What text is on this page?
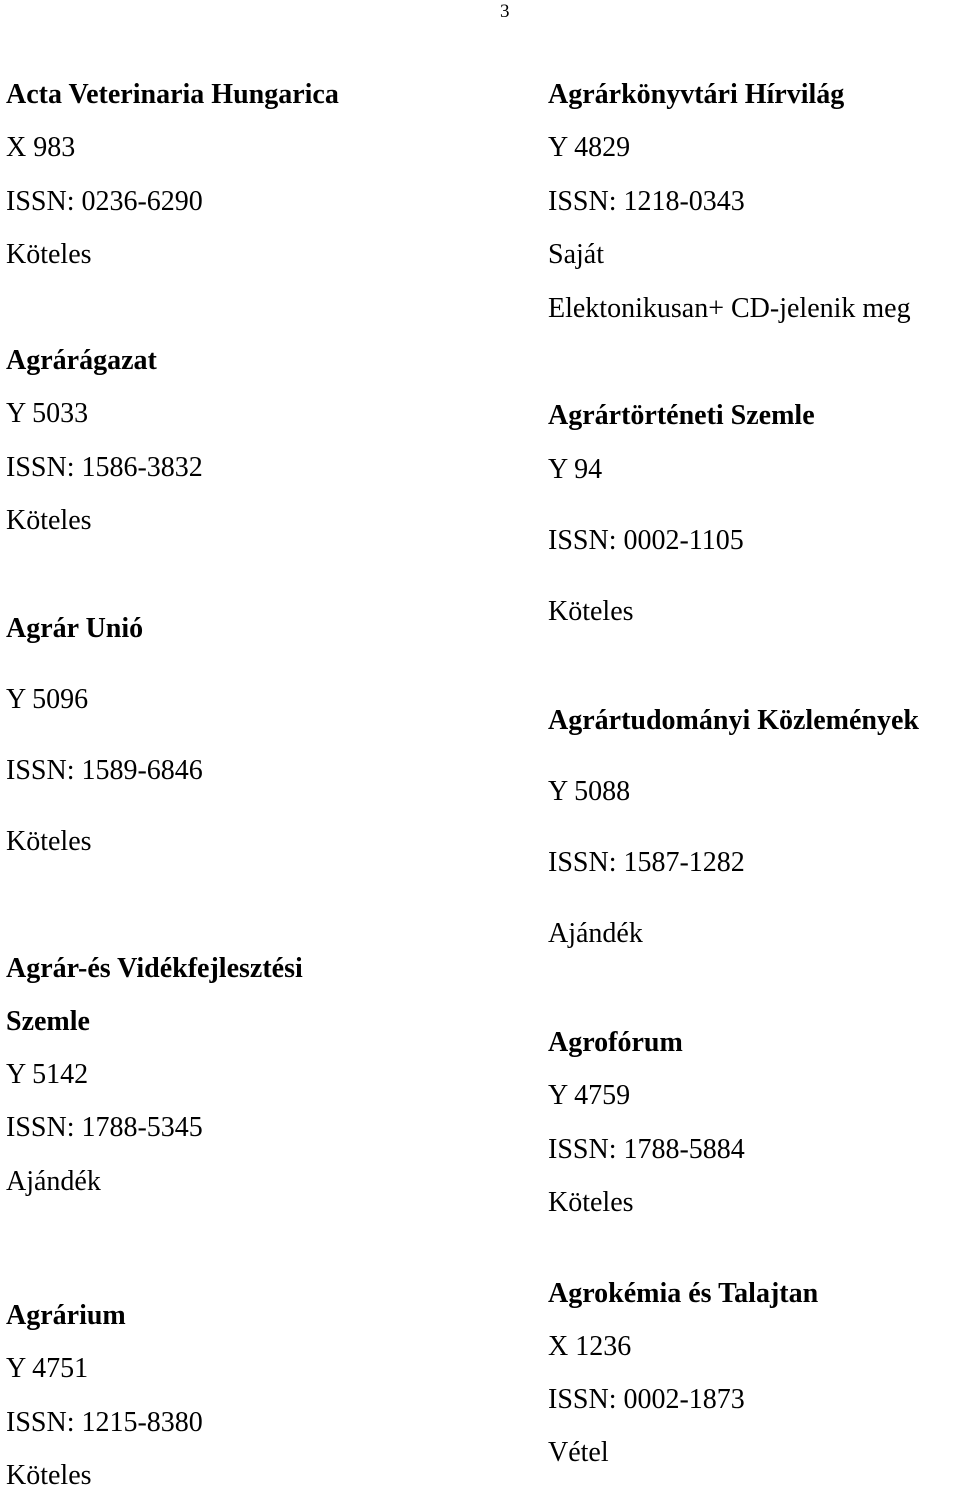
3
Acta Veterinaria Hungarica
X 983
ISSN: 0236-6290
Köteles
Agrárágazat
Y 5033
ISSN: 1586-3832
Köteles
Agrár Unió
Y 5096
ISSN: 1589-6846
Köteles
Agrár-és Vidékfejlesztési
Szemle
Y 5142
ISSN: 1788-5345
Ajándék
Agrárium
Y 4751
ISSN: 1215-8380
Köteles
Agrárkönyvtári Hírvilág
Y 4829
ISSN: 1218-0343
Saját
Elektonikusan+ CD-jelenik meg
Agrártörténeti Szemle
Y 94
ISSN: 0002-1105
Köteles
Agrártudományi Közlemények
Y 5088
ISSN: 1587-1282
Ajándék
Agrofórum
Y 4759
ISSN: 1788-5884
Köteles
Agrokémia és Talajtan
X 1236
ISSN: 0002-1873
Vétel
